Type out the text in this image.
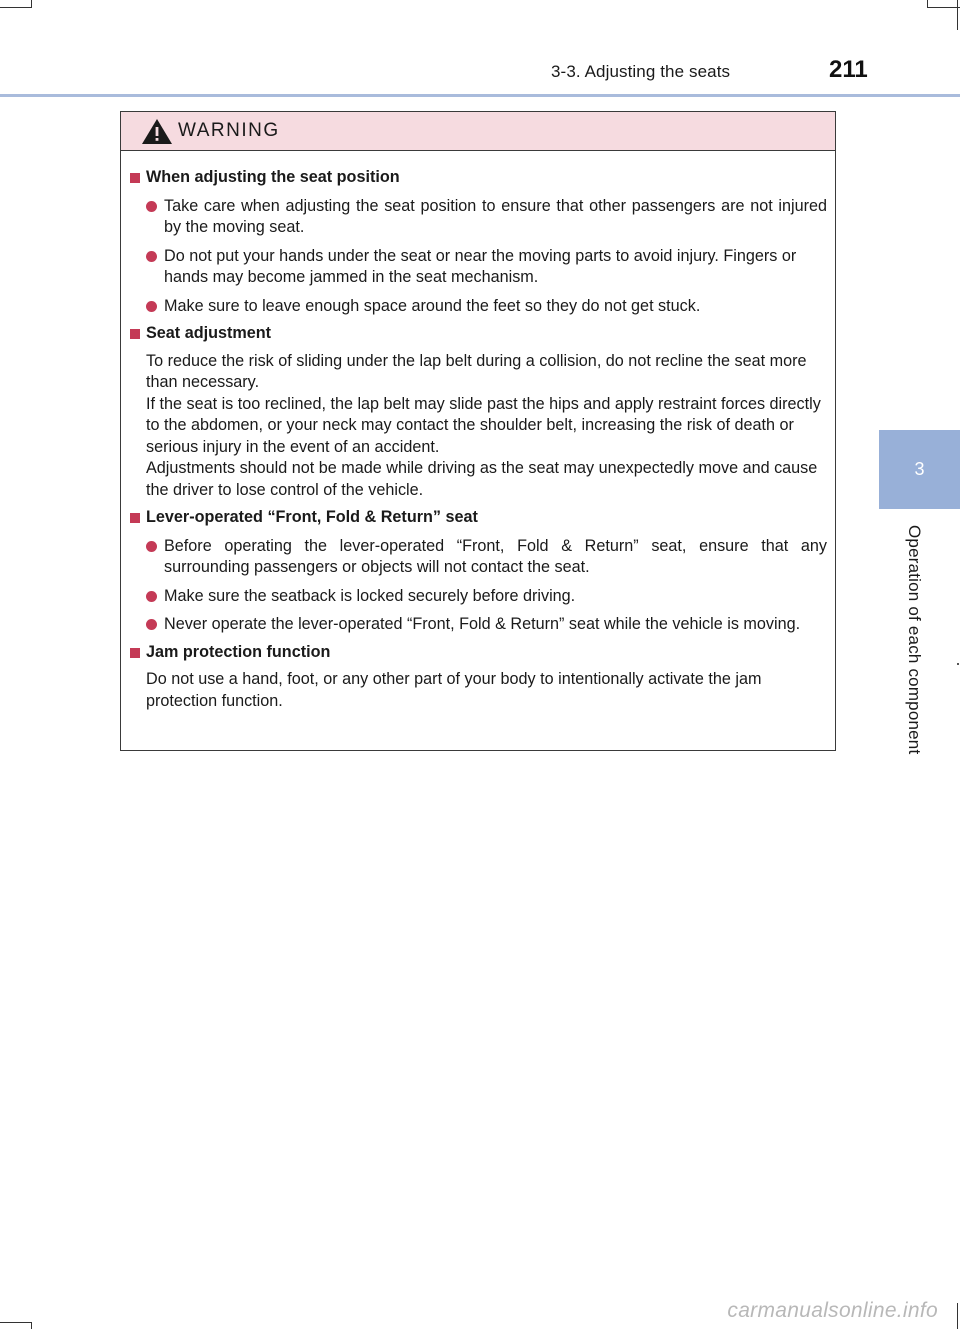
3-3. Adjusting the seats	211
3
Operation of each component
WARNING
When adjusting the seat position
Take care when adjusting the seat position to ensure that other passengers are not injured by the moving seat.
Do not put your hands under the seat or near the moving parts to avoid injury. Fingers or hands may become jammed in the seat mechanism.
Make sure to leave enough space around the feet so they do not get stuck.
Seat adjustment

To reduce the risk of sliding under the lap belt during a collision, do not recline the seat more than necessary.

If the seat is too reclined, the lap belt may slide past the hips and apply restraint forces directly to the abdomen, or your neck may contact the shoulder belt, increasing the risk of death or serious injury in the event of an accident.

Adjustments should not be made while driving as the seat may unexpectedly move and cause the driver to lose control of the vehicle.

Lever-operated “Front, Fold & Return” seat
Before operating the lever-operated “Front, Fold & Return” seat, ensure that any surrounding passengers or objects will not contact the seat.
Make sure the seatback is locked securely before driving.
Never operate the lever-operated “Front, Fold & Return” seat while the vehicle is moving.
Jam protection function

Do not use a hand, foot, or any other part of your body to intentionally activate the jam protection function.

carmanualsonline.info
